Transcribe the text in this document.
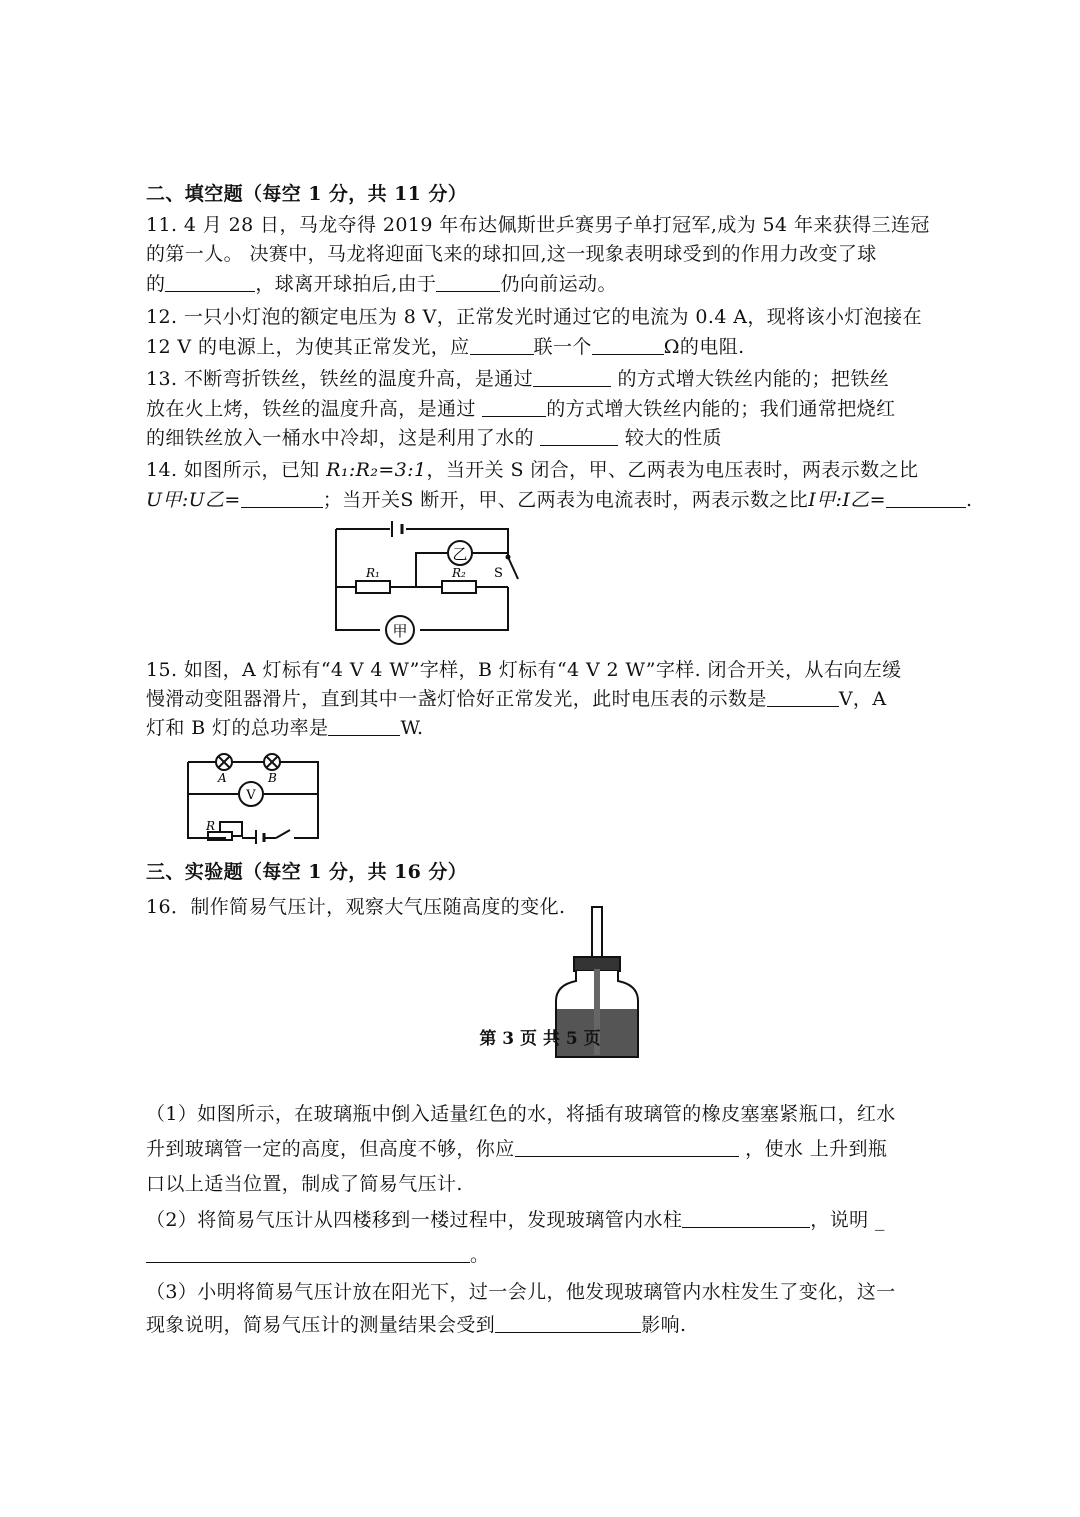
二、填空题（每空 1 分，共 11 分）
11. 4 月 28 日，马龙夺得 2019 年布达佩斯世乒赛男子单打冠军,成为 54 年来获得三连冠
的第一人。 决赛中，马龙将迎面飞来的球扣回,这一现象表明球受到的作用力改变了球
的	，球离开球拍后,由于	仍向前运动。
12. 一只小灯泡的额定电压为 8 V，正常发光时通过它的电流为 0.4 A，现将该小灯泡接在
12 V 的电源上，为使其正常发光，应	联一个	Ω的电阻.
13. 不断弯折铁丝，铁丝的温度升高，是通过	的方式增大铁丝内能的；把铁丝
放在火上烤，铁丝的温度升高，是通过	的方式增大铁丝内能的；我们通常把烧红
的细铁丝放入一桶水中冷却，这是利用了水的	较大的性质
14. 如图所示，已知 R₁:R₂=3:1，当开关 S 闭合，甲、乙两表为电压表时，两表示数之比
U甲:U乙=	；当开关S 断开，甲、乙两表为电流表时，两表示数之比I甲:I乙=	.
乙
甲
R₁	R₂ S
15. 如图，A 灯标有“4 V 4 W”字样，B 灯标有“4 V 2 W”字样. 闭合开关，从右向左缓
慢滑动变阻器滑片，直到其中一盏灯恰好正常发光，此时电压表的示数是	V，A
灯和 B 灯的总功率是	W.
A	B
V
R
三、实验题（每空 1 分，共 16 分）
16．制作简易气压计，观察大气压随高度的变化.
（1）如图所示，在玻璃瓶中倒入适量红色的水，将插有玻璃管的橡皮塞塞紧瓶口，红水
升到玻璃管一定的高度，但高度不够，你应	，使水 上升到瓶
口以上适当位置，制成了简易气压计.
（2）将简易气压计从四楼移到一楼过程中，发现玻璃管内水柱	，说明 _
。
（3）小明将简易气压计放在阳光下，过一会儿，他发现玻璃管内水柱发生了变化，这一
现象说明，简易气压计的测量结果会受到	影响.
第 3 页 共 5 页
